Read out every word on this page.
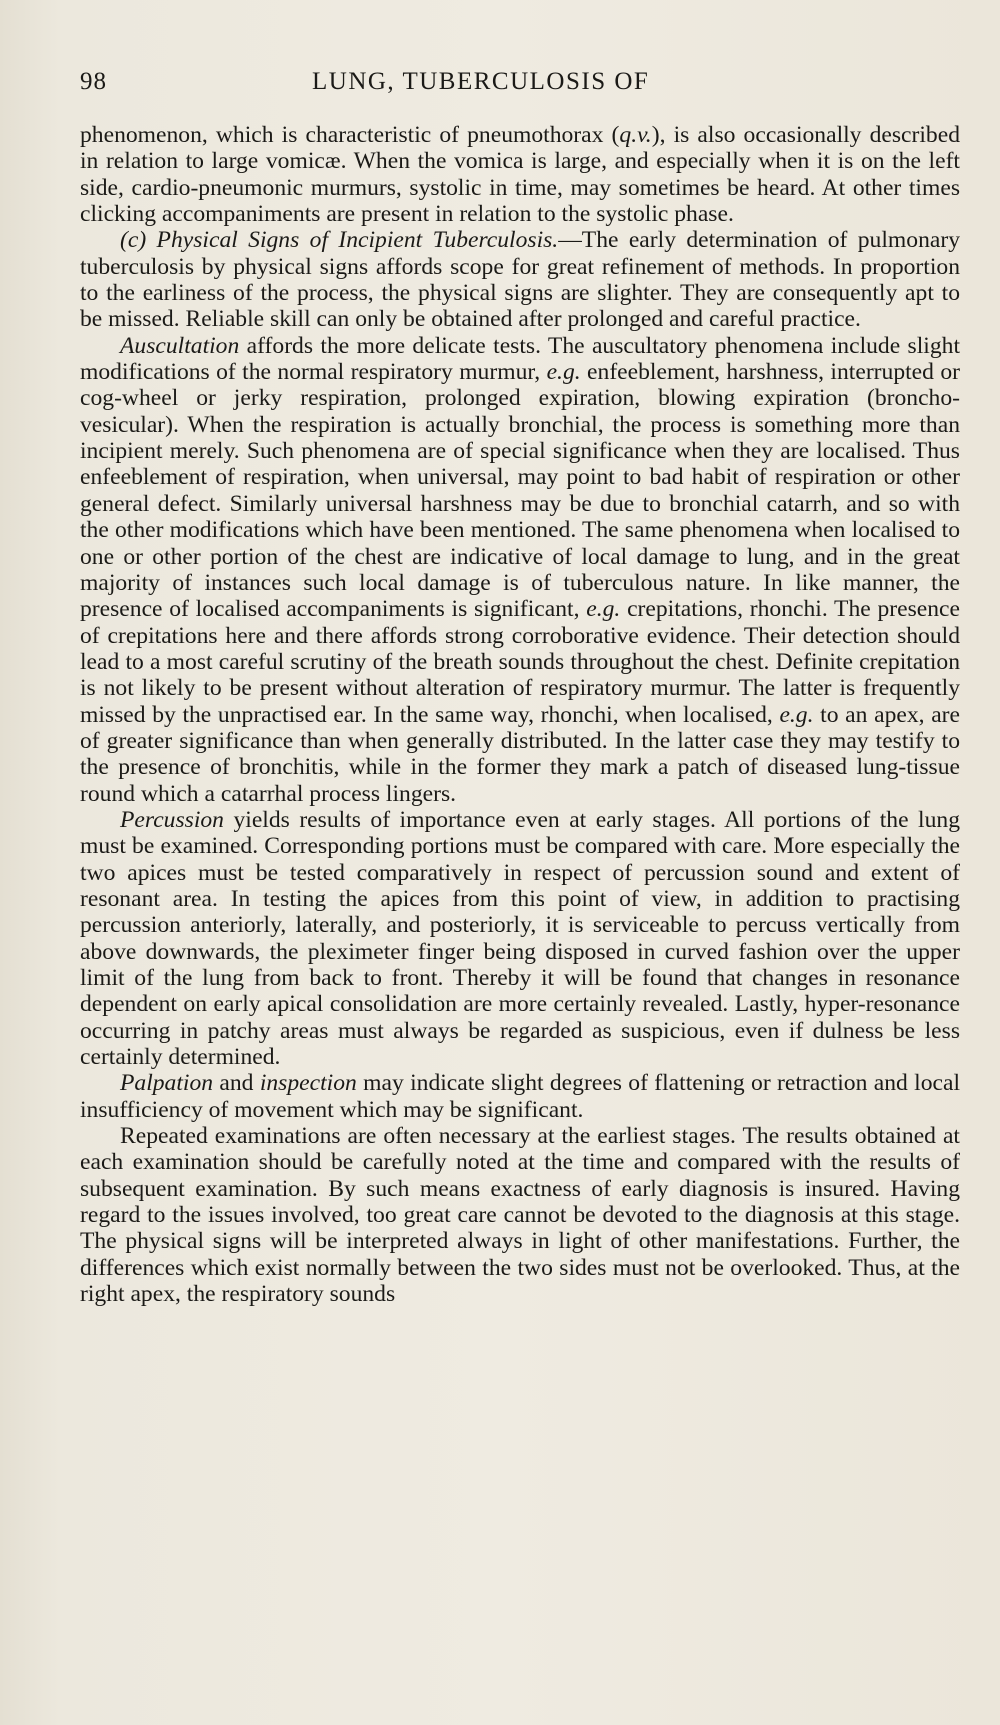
98	LUNG, TUBERCULOSIS OF

phenomenon, which is characteristic of pneumothorax (q.v.), is also occasionally described in relation to large vomicæ. When the vomica is large, and especially when it is on the left side, cardio-pneumonic murmurs, systolic in time, may sometimes be heard. At other times clicking accompaniments are present in relation to the systolic phase.

(c) Physical Signs of Incipient Tuberculosis.—The early determination of pulmonary tuberculosis by physical signs affords scope for great refinement of methods. In proportion to the earliness of the process, the physical signs are slighter. They are consequently apt to be missed. Reliable skill can only be obtained after prolonged and careful practice.

Auscultation affords the more delicate tests. The auscultatory phenomena include slight modifications of the normal respiratory murmur, e.g. enfeeblement, harshness, interrupted or cog-wheel or jerky respiration, prolonged expiration, blowing expiration (broncho-vesicular). When the respiration is actually bronchial, the process is something more than incipient merely. Such phenomena are of special significance when they are localised. Thus enfeeblement of respiration, when universal, may point to bad habit of respiration or other general defect. Similarly universal harshness may be due to bronchial catarrh, and so with the other modifications which have been mentioned. The same phenomena when localised to one or other portion of the chest are indicative of local damage to lung, and in the great majority of instances such local damage is of tuberculous nature. In like manner, the presence of localised accompaniments is significant, e.g. crepitations, rhonchi. The presence of crepitations here and there affords strong corroborative evidence. Their detection should lead to a most careful scrutiny of the breath sounds throughout the chest. Definite crepitation is not likely to be present without alteration of respiratory murmur. The latter is frequently missed by the unpractised ear. In the same way, rhonchi, when localised, e.g. to an apex, are of greater significance than when generally distributed. In the latter case they may testify to the presence of bronchitis, while in the former they mark a patch of diseased lung-tissue round which a catarrhal process lingers.

Percussion yields results of importance even at early stages. All portions of the lung must be examined. Corresponding portions must be compared with care. More especially the two apices must be tested comparatively in respect of percussion sound and extent of resonant area. In testing the apices from this point of view, in addition to practising percussion anteriorly, laterally, and posteriorly, it is serviceable to percuss vertically from above downwards, the pleximeter finger being disposed in curved fashion over the upper limit of the lung from back to front. Thereby it will be found that changes in resonance dependent on early apical consolidation are more certainly revealed. Lastly, hyper-resonance occurring in patchy areas must always be regarded as suspicious, even if dulness be less certainly determined.

Palpation and inspection may indicate slight degrees of flattening or retraction and local insufficiency of movement which may be significant.

Repeated examinations are often necessary at the earliest stages. The results obtained at each examination should be carefully noted at the time and compared with the results of subsequent examination. By such means exactness of early diagnosis is insured. Having regard to the issues involved, too great care cannot be devoted to the diagnosis at this stage. The physical signs will be interpreted always in light of other manifestations. Further, the differences which exist normally between the two sides must not be overlooked. Thus, at the right apex, the respiratory sounds
